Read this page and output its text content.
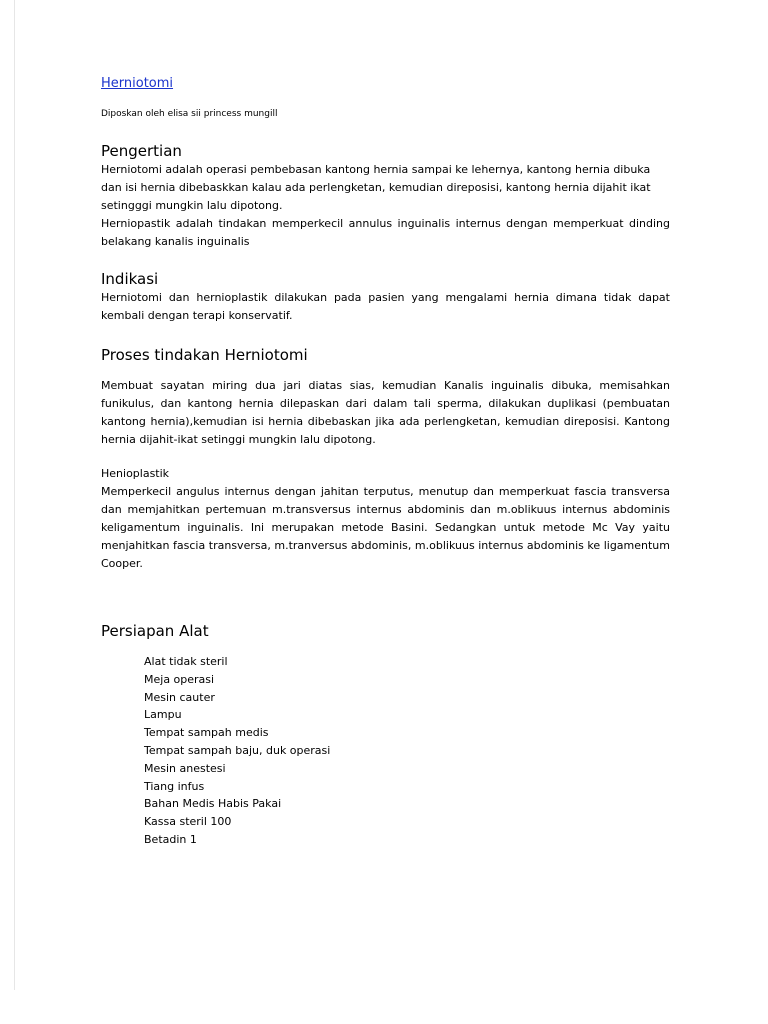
Herniotomi
Diposkan oleh elisa sii princess mungill
Pengertian

Herniotomi adalah operasi pembebasan kantong hernia sampai ke lehernya, kantong hernia dibuka dan isi hernia dibebaskkan kalau ada perlengketan, kemudian direposisi, kantong hernia dijahit ikat setingggi mungkin lalu dipotong.

Herniopastik adalah tindakan memperkecil annulus inguinalis internus dengan memperkuat dinding belakang kanalis inguinalis

Indikasi

Herniotomi dan hernioplastik dilakukan pada pasien yang mengalami hernia dimana tidak dapat kembali dengan terapi konservatif.

Proses tindakan Herniotomi

Membuat sayatan miring dua jari diatas sias, kemudian Kanalis inguinalis dibuka, memisahkan funikulus, dan kantong hernia dilepaskan dari dalam tali sperma, dilakukan duplikasi (pembuatan kantong hernia),kemudian isi hernia dibebaskan jika ada perlengketan, kemudian direposisi. Kantong hernia dijahit-ikat setinggi mungkin lalu dipotong.

Henioplastik

Memperkecil angulus internus dengan jahitan terputus, menutup dan memperkuat fascia transversa dan memjahitkan pertemuan m.transversus internus abdominis dan m.oblikuus internus abdominis keligamentum inguinalis. Ini merupakan metode Basini. Sedangkan untuk metode Mc Vay yaitu menjahitkan fascia transversa, m.tranversus abdominis, m.oblikuus internus abdominis ke ligamentum Cooper.

Persiapan Alat
Alat tidak steril
Meja operasi
Mesin cauter
Lampu
Tempat sampah medis
Tempat sampah baju, duk operasi
Mesin anestesi
Tiang infus
Bahan Medis Habis Pakai
Kassa steril 100
Betadin 1
